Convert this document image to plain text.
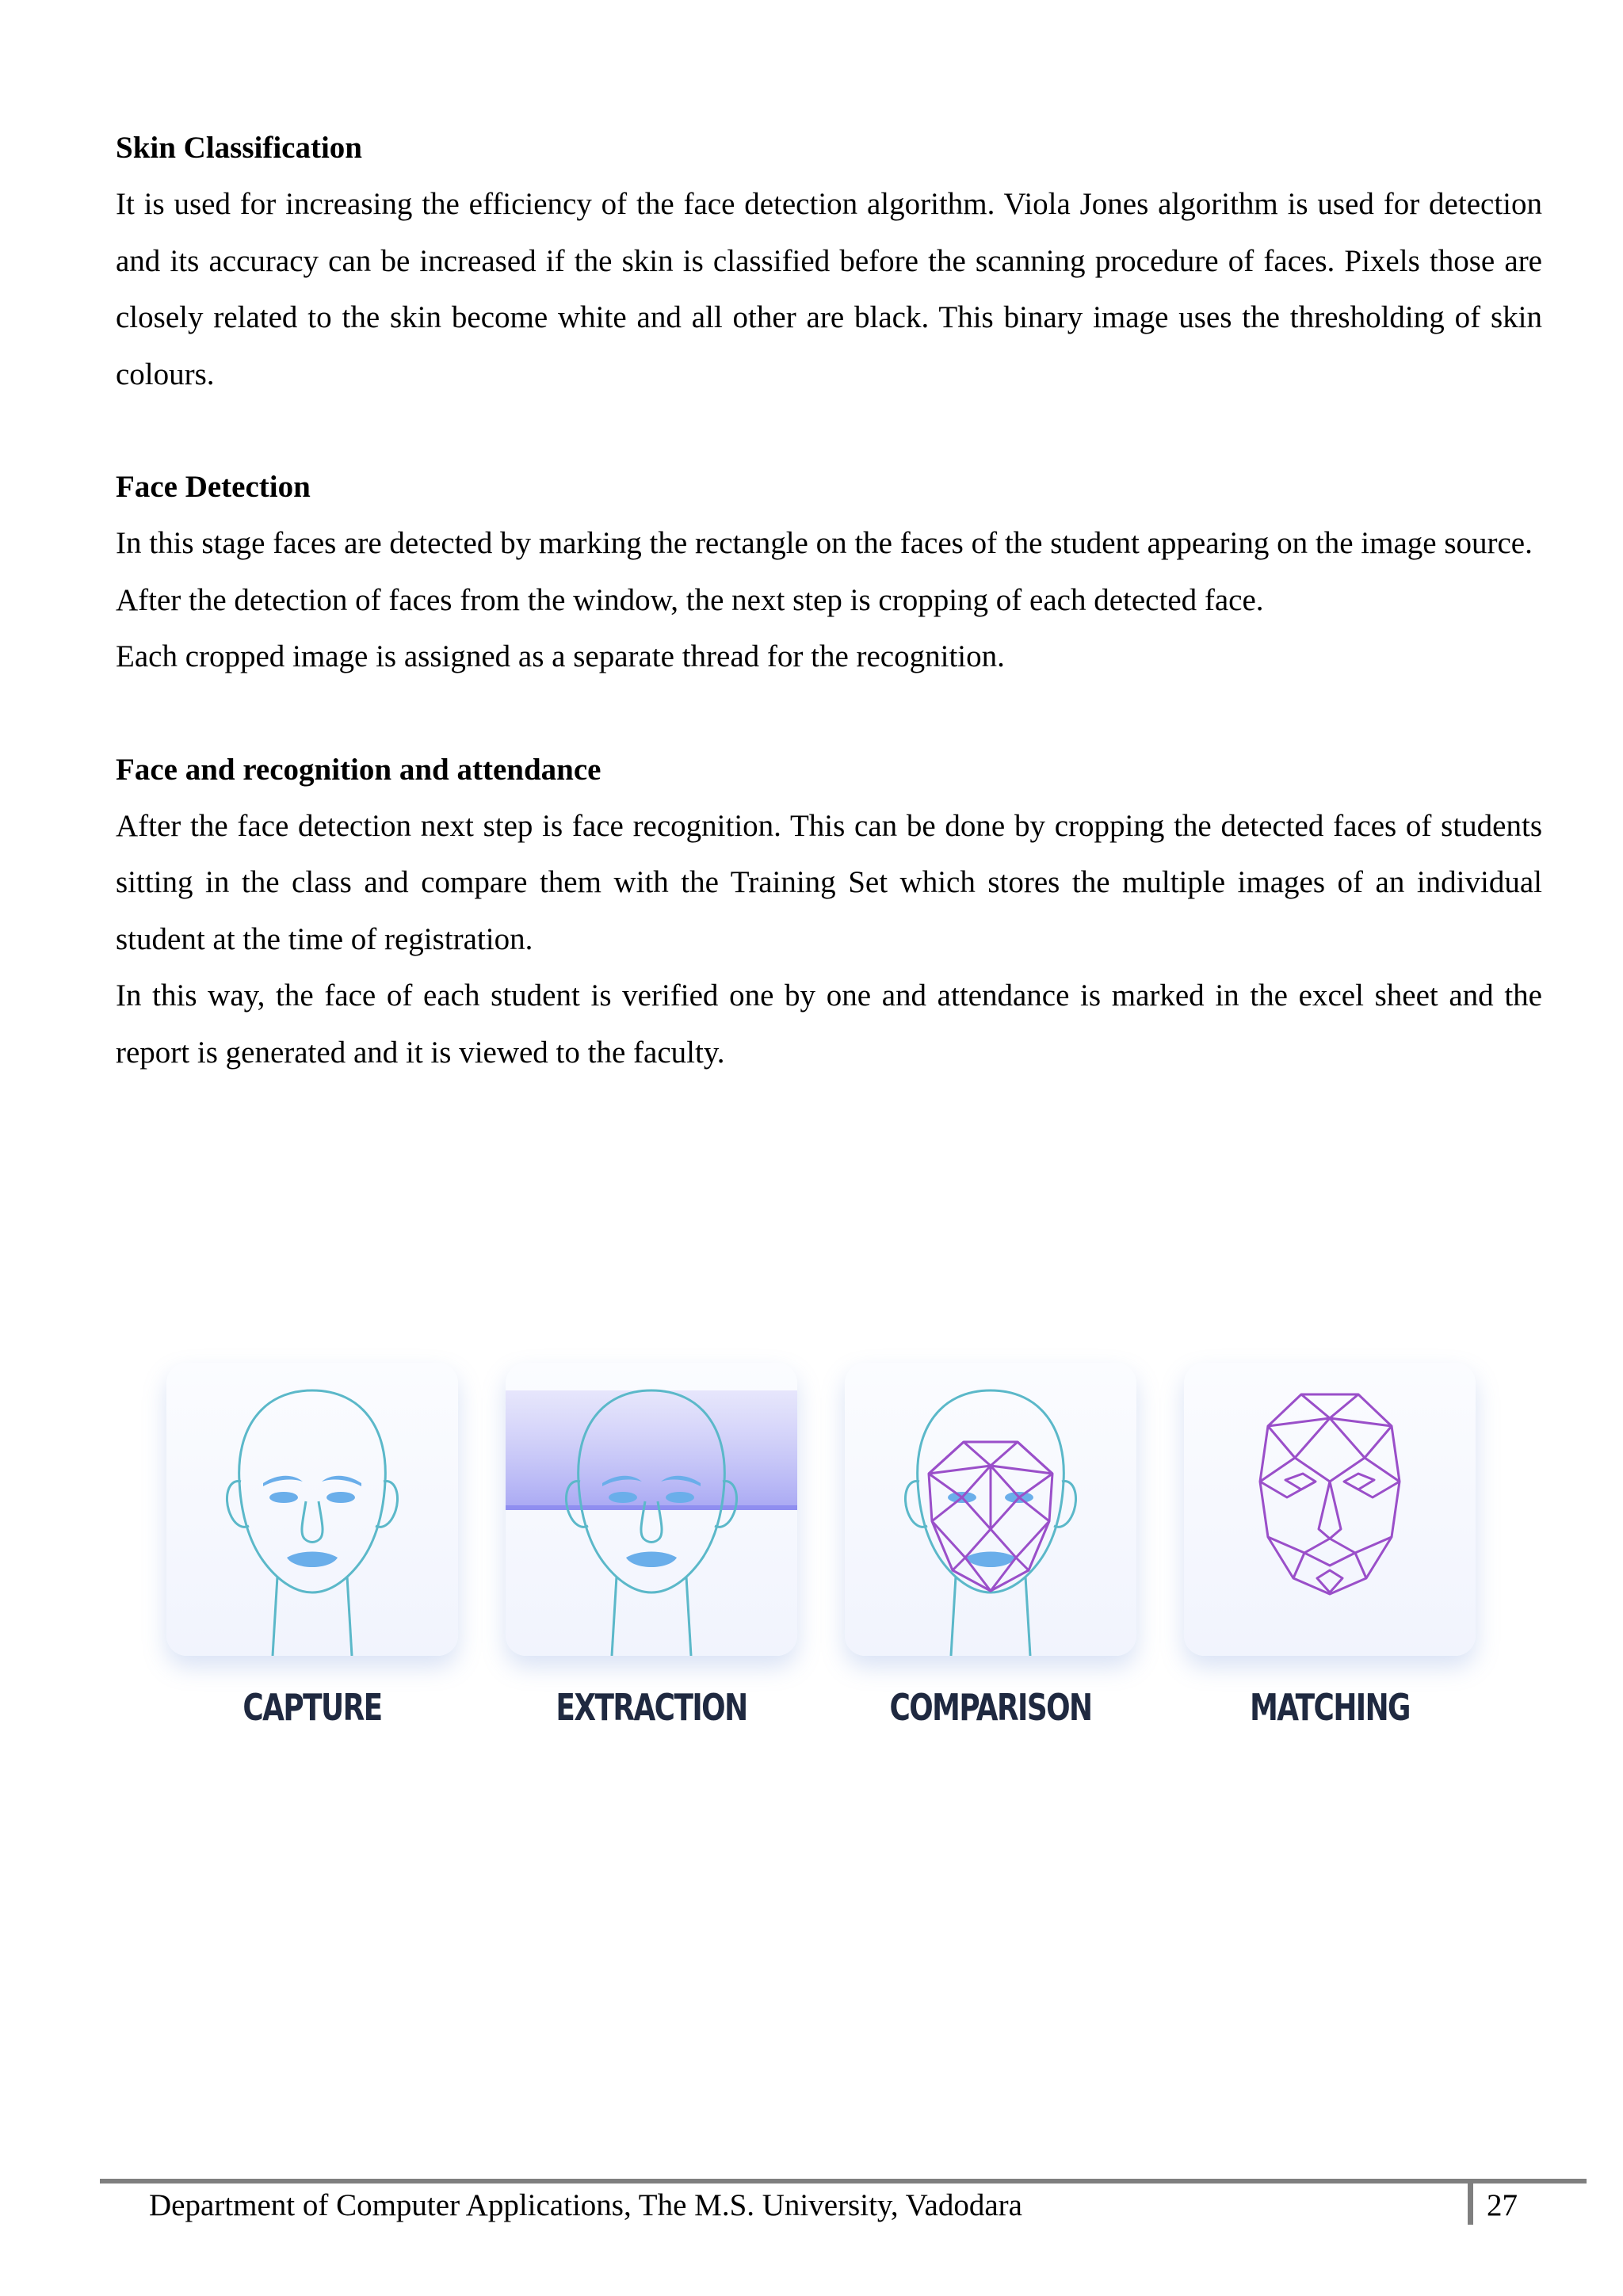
Skin Classification

It is used for increasing the efficiency of the face detection algorithm. Viola Jones algorithm is used for detection and its accuracy can be increased if the skin is classified before the scanning procedure of faces. Pixels those are closely related to the skin become white and all other are black. This binary image uses the thresholding of skin colours.

Face Detection

In this stage faces are detected by marking the rectangle on the faces of the student appearing on the image source.

After the detection of faces from the window, the next step is cropping of each detected face.

Each cropped image is assigned as a separate thread for the recognition.

Face and recognition and attendance

After the face detection next step is face recognition. This can be done by cropping the detected faces of students sitting in the class and compare them with the Training Set which stores the multiple images of an individual student at the time of registration.

In this way, the face of each student is verified one by one and attendance is marked in the excel sheet and the report is generated and it is viewed to the faculty.

CAPTURE	EXTRACTION	COMPARISON	MATCHING
Department of Computer Applications, The M.S. University, Vadodara	27
